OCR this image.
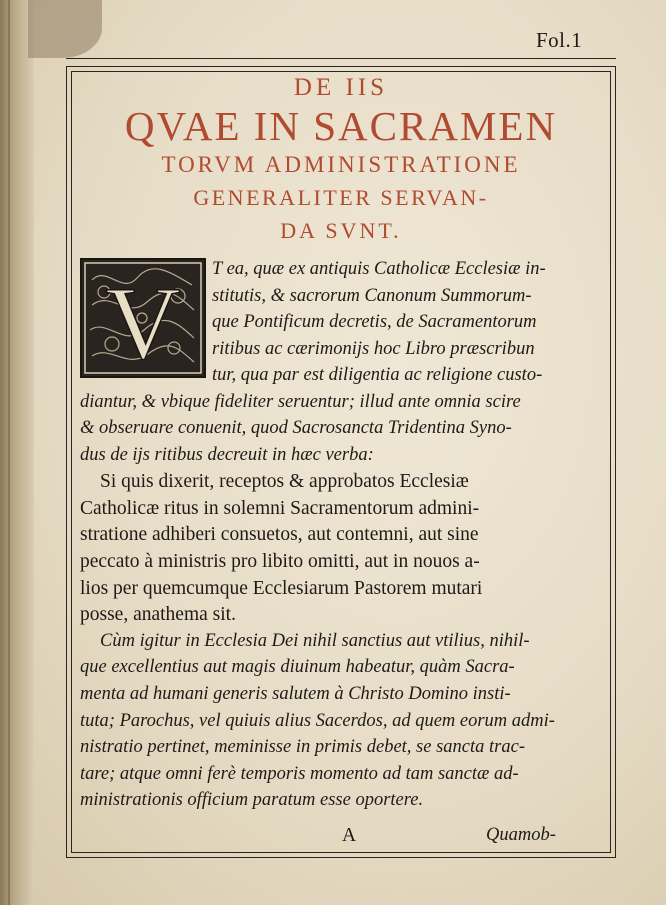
Fol.1
DE IIS
QVAE IN SACRAMEN
TORVM ADMINISTRATIONE
GENERALITER SERVAN-
DA SVNT.
V T ea, quæ ex antiquis Catholicæ Ecclesiæ in-
stitutis, & sacrorum Canonum Summorum-
que Pontificum decretis, de Sacramentorum
ritibus ac cærimonijs hoc Libro præscribun
tur, qua par est diligentia ac religione custo-
diantur, & vbique fideliter seruentur; illud ante omnia scire
& obseruare conuenit, quod Sacrosancta Tridentina Syno-
dus de ijs ritibus decreuit in hæc verba:
Si quis dixerit, receptos & approbatos Ecclesiæ
Catholicæ ritus in solemni Sacramentorum admini-
stratione adhiberi consuetos, aut contemni, aut sine
peccato à ministris pro libito omitti, aut in nouos a-
lios per quemcumque Ecclesiarum Pastorem mutari
posse, anathema sit.
Cùm igitur in Ecclesia Dei nihil sanctius aut vtilius, nihil-
que excellentius aut magis diuinum habeatur, quàm Sacra-
menta ad humani generis salutem à Christo Domino insti-
tuta; Parochus, vel quiuis alius Sacerdos, ad quem eorum admi-
nistratio pertinet, meminisse in primis debet, se sancta trac-
tare; atque omni ferè temporis momento ad tam sanctæ ad-
ministrationis officium paratum esse oportere.
A	Quamob-
